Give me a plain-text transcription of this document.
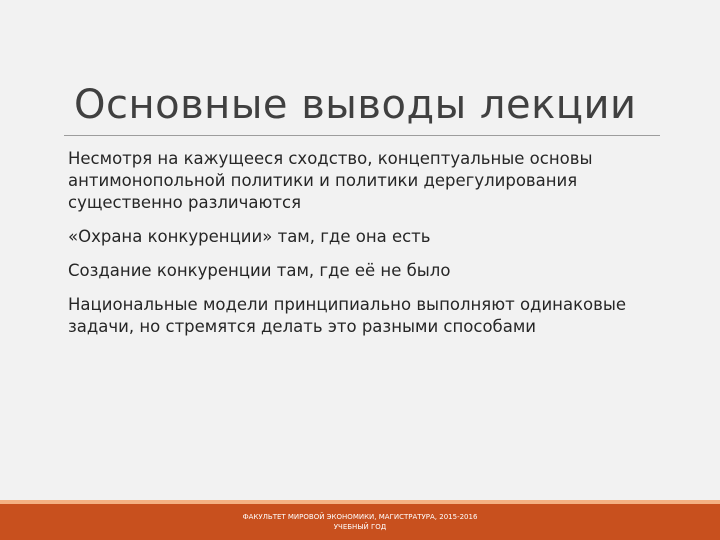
Основные выводы лекции

Несмотря на кажущееся сходство, концептуальные основы антимонопольной политики и политики дерегулирования существенно различаются

«Охрана конкуренции» там, где она есть

Создание конкуренции там, где её не было

Национальные модели принципиально выполняют одинаковые задачи, но стремятся делать это разными способами

ФАКУЛЬТЕТ МИРОВОЙ ЭКОНОМИКИ, МАГИСТРАТУРА, 2015-2016
УЧЕБНЫЙ ГОД
